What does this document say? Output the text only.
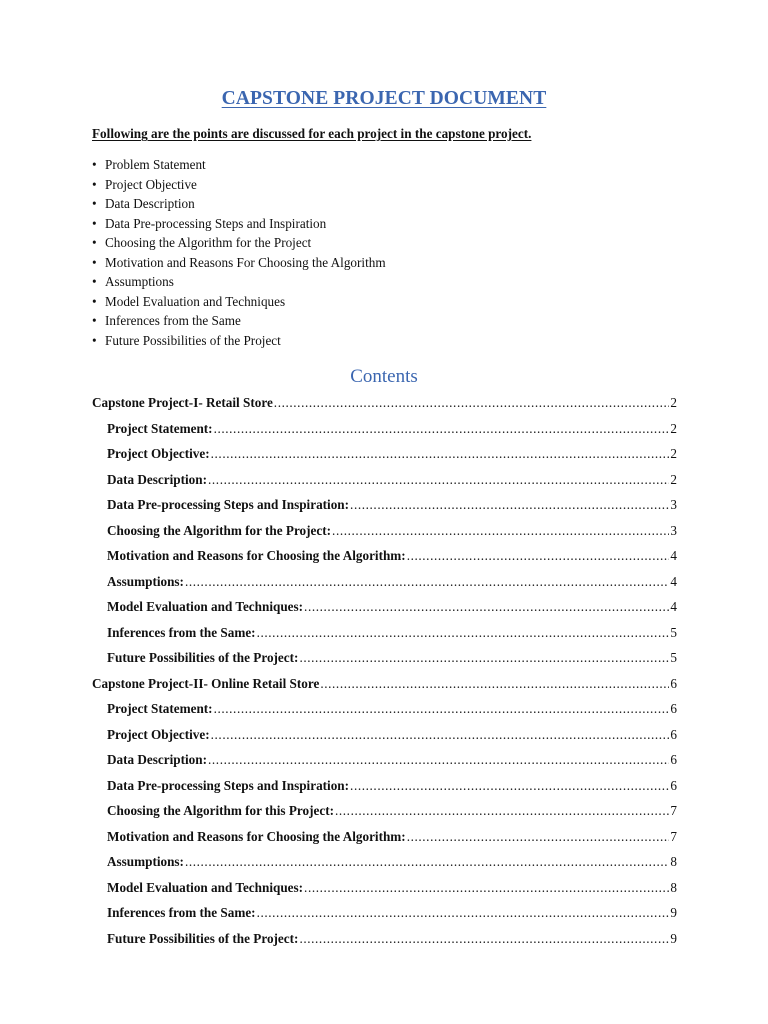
CAPSTONE PROJECT DOCUMENT
Following are the points are discussed for each project in the capstone project.
• Problem Statement
• Project Objective
• Data Description
• Data Pre-processing Steps and Inspiration
• Choosing the Algorithm for the Project
• Motivation and Reasons For Choosing the Algorithm
• Assumptions
• Model Evaluation and Techniques
• Inferences from the Same
• Future Possibilities of the Project
Contents
Capstone Project-I- Retail Store .....	2
Project Statement: .....	2
Project Objective: .....	2
Data Description: .....	2
Data Pre-processing Steps and Inspiration: .....	3
Choosing the Algorithm for the Project: .....	3
Motivation and Reasons for Choosing the Algorithm: .....	4
Assumptions: .....	4
Model Evaluation and Techniques: .....	4
Inferences from the Same: .....	5
Future Possibilities of the Project: .....	5
Capstone Project-II- Online Retail Store .....	6
Project Statement: .....	6
Project Objective: .....	6
Data Description: .....	6
Data Pre-processing Steps and Inspiration: .....	6
Choosing the Algorithm for this Project: .....	7
Motivation and Reasons for Choosing the Algorithm: .....	7
Assumptions: .....	8
Model Evaluation and Techniques: .....	8
Inferences from the Same: .....	9
Future Possibilities of the Project: .....	9
